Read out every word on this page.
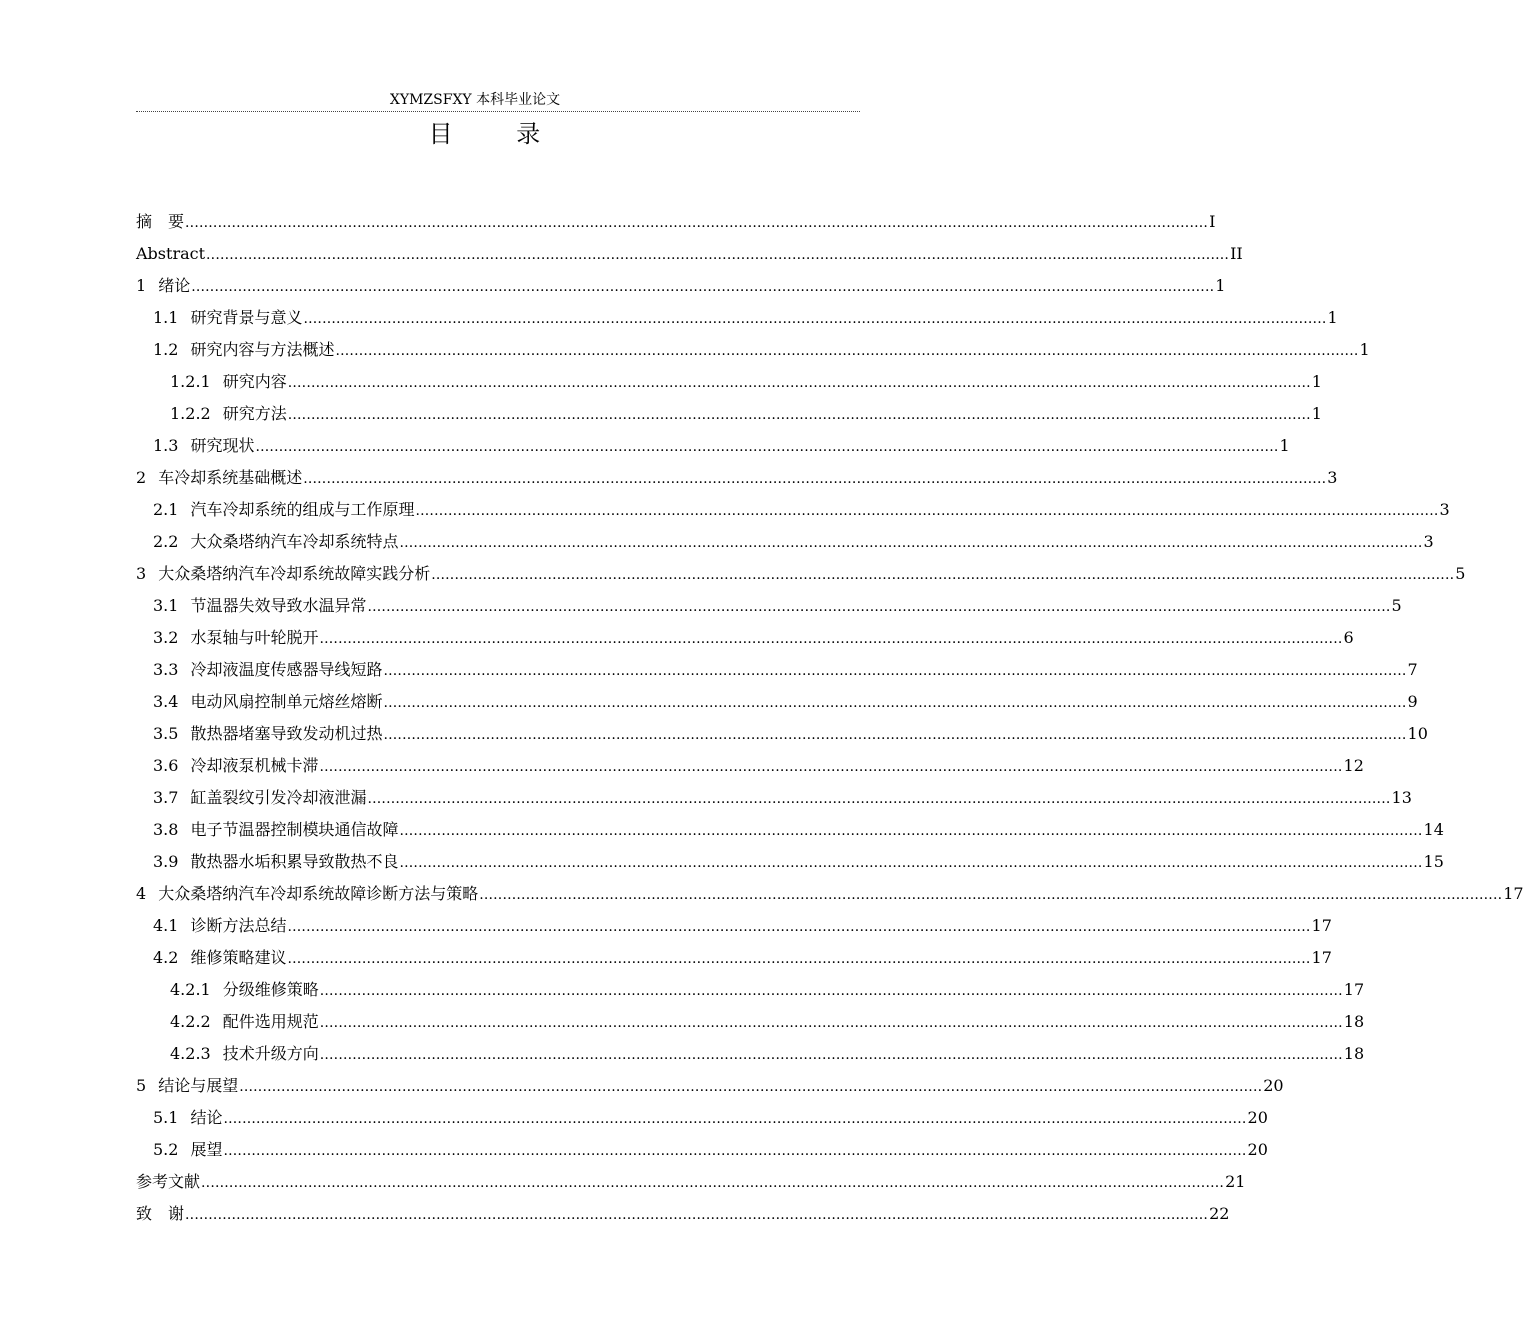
XYMZSFXY 本科毕业论文
目 录
摘　要 ............................................................................................................................................................................................................................ I
Abstract ............................................................................................................................................................................................................................ II
1 绪论 ............................................................................................................................................................................................................................ 1
1.1 研究背景与意义 ............................................................................................................................................................................................................................ 1
1.2 研究内容与方法概述 ............................................................................................................................................................................................................................ 1
1.2.1 研究内容 ............................................................................................................................................................................................................................ 1
1.2.2 研究方法 ............................................................................................................................................................................................................................ 1
1.3 研究现状 ............................................................................................................................................................................................................................ 1
2 车冷却系统基础概述 ............................................................................................................................................................................................................................ 3
2.1 汽车冷却系统的组成与工作原理 ............................................................................................................................................................................................................................ 3
2.2 大众桑塔纳汽车冷却系统特点 ............................................................................................................................................................................................................................ 3
3 大众桑塔纳汽车冷却系统故障实践分析 ............................................................................................................................................................................................................................ 5
3.1 节温器失效导致水温异常 ............................................................................................................................................................................................................................ 5
3.2 水泵轴与叶轮脱开 ............................................................................................................................................................................................................................ 6
3.3 冷却液温度传感器导线短路 ............................................................................................................................................................................................................................ 7
3.4 电动风扇控制单元熔丝熔断 ............................................................................................................................................................................................................................ 9
3.5 散热器堵塞导致发动机过热 ............................................................................................................................................................................................................................ 10
3.6 冷却液泵机械卡滞 ............................................................................................................................................................................................................................ 12
3.7 缸盖裂纹引发冷却液泄漏 ............................................................................................................................................................................................................................ 13
3.8 电子节温器控制模块通信故障 ............................................................................................................................................................................................................................ 14
3.9 散热器水垢积累导致散热不良 ............................................................................................................................................................................................................................ 15
4 大众桑塔纳汽车冷却系统故障诊断方法与策略 ............................................................................................................................................................................................................................ 17
4.1 诊断方法总结 ............................................................................................................................................................................................................................ 17
4.2 维修策略建议 ............................................................................................................................................................................................................................ 17
4.2.1 分级维修策略 ............................................................................................................................................................................................................................ 17
4.2.2 配件选用规范 ............................................................................................................................................................................................................................ 18
4.2.3 技术升级方向 ............................................................................................................................................................................................................................ 18
5 结论与展望 ............................................................................................................................................................................................................................ 20
5.1 结论 ............................................................................................................................................................................................................................ 20
5.2 展望 ............................................................................................................................................................................................................................ 20
参考文献 ............................................................................................................................................................................................................................ 21
致　谢 ............................................................................................................................................................................................................................ 22
